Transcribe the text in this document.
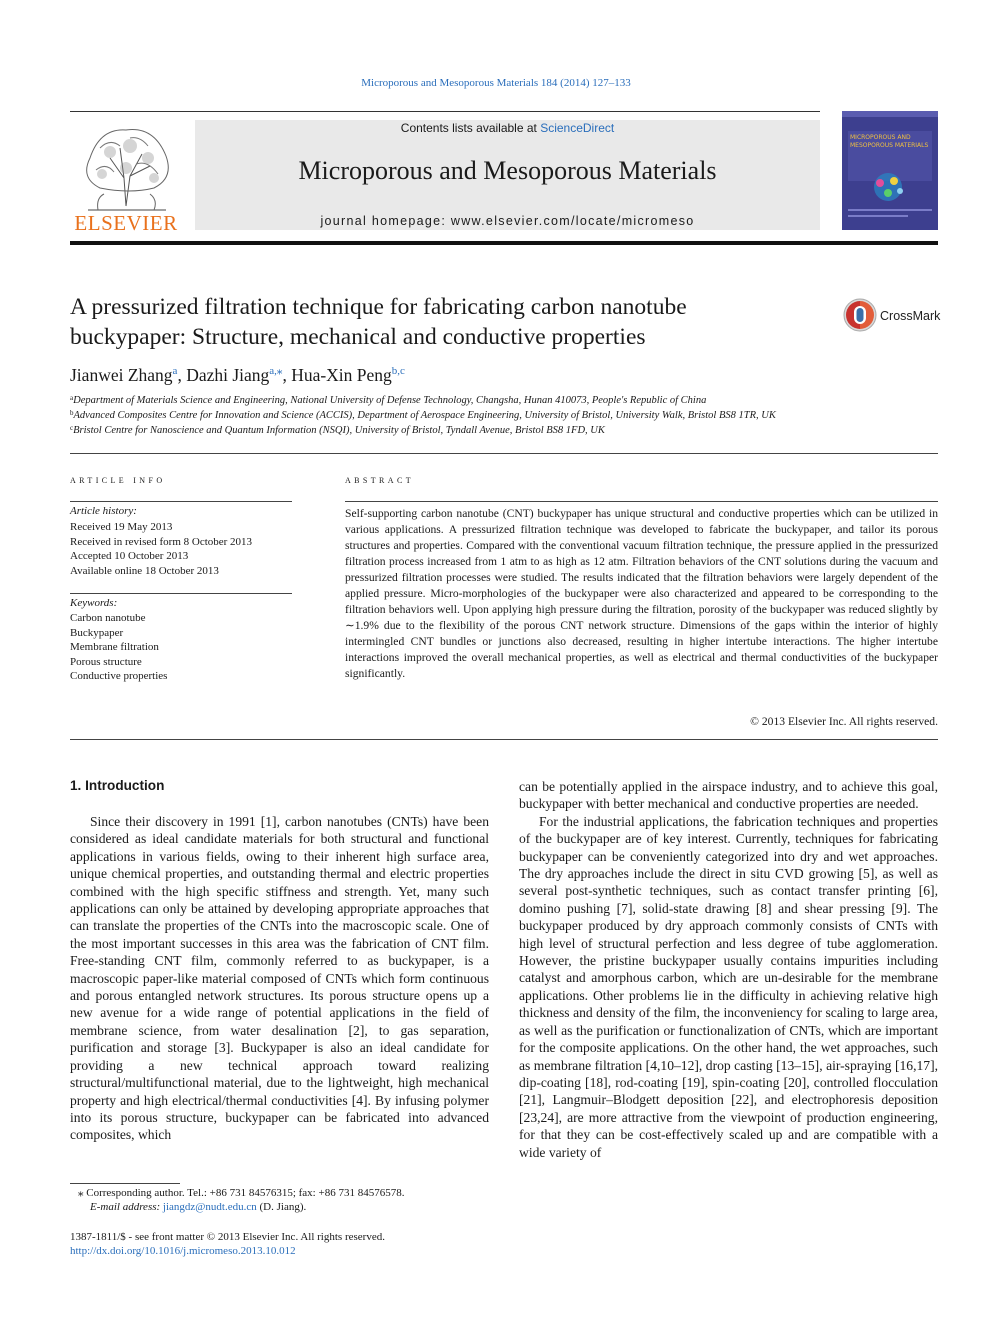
Microporous and Mesoporous Materials 184 (2014) 127–133
ELSEVIER
Contents lists available at ScienceDirect
Microporous and Mesoporous Materials
journal homepage: www.elsevier.com/locate/micromeso
MICROPOROUS AND
MESOPOROUS MATERIALS
A pressurized filtration technique for fabricating carbon nanotube
buckypaper: Structure, mechanical and conductive properties
CrossMark
Jianwei Zhang$^a$, Dazhi Jiang$^{a,⁎}$, Hua-Xin Peng$^{b,c}$
$^a$Department of Materials Science and Engineering, National University of Defense Technology, Changsha, Hunan 410073, People's Republic of China
$^b$Advanced Composites Centre for Innovation and Science (ACCIS), Department of Aerospace Engineering, University of Bristol, University Walk, Bristol BS8 1TR, UK
$^c$Bristol Centre for Nanoscience and Quantum Information (NSQI), University of Bristol, Tyndall Avenue, Bristol BS8 1FD, UK
article info
Article history:
Received 19 May 2013
Received in revised form 8 October 2013
Accepted 10 October 2013
Available online 18 October 2013
Keywords:
Carbon nanotube
Buckypaper
Membrane filtration
Porous structure
Conductive properties
abstract
Self-supporting carbon nanotube (CNT) buckypaper has unique structural and conductive properties which can be utilized in various applications. A pressurized filtration technique was developed to fabricate the buckypaper, and tailor its porous structures and properties. Compared with the conventional vacuum filtration technique, the pressure applied in the pressurized filtration process increased from 1 atm to as high as 12 atm. Filtration behaviors of the CNT solutions during the vacuum and pressurized filtration processes were studied. The results indicated that the filtration behaviors were largely dependent of the applied pressure. Micro-morphologies of the buckypaper were also characterized and appeared to be corresponding to the filtration behaviors well. Upon applying high pressure during the filtration, porosity of the buckypaper was reduced slightly by ∼1.9% due to the flexibility of the porous CNT network structure. Dimensions of the gaps within the interior of highly intermingled CNT bundles or junctions also decreased, resulting in higher intertube interactions. The higher intertube interactions improved the overall mechanical properties, as well as electrical and thermal conductivities of the buckypaper significantly.
© 2013 Elsevier Inc. All rights reserved.
1. Introduction

Since their discovery in 1991 [1], carbon nanotubes (CNTs) have been considered as ideal candidate materials for both structural and functional applications in various fields, owing to their inherent high surface area, unique chemical properties, and outstanding thermal and electric properties combined with the high specific stiffness and strength. Yet, many such applications can only be attained by developing appropriate approaches that can translate the properties of the CNTs into the macroscopic scale. One of the most important successes in this area was the fabrication of CNT film. Free-standing CNT film, commonly referred to as buckypaper, is a macroscopic paper-like material composed of CNTs which form continuous and porous entangled network structures. Its porous structure opens up a new avenue for a wide range of potential applications in the field of membrane science, from water desalination [2], to gas separation, purification and storage [3]. Buckypaper is also an ideal candidate for providing a new technical approach toward realizing structural/multifunctional material, due to the lightweight, high mechanical property and high electrical/thermal conductivities [4]. By infusing polymer into its porous structure, buckypaper can be fabricated into advanced composites, which

can be potentially applied in the airspace industry, and to achieve this goal, buckypaper with better mechanical and conductive properties are needed.

For the industrial applications, the fabrication techniques and properties of the buckypaper are of key interest. Currently, techniques for fabricating buckypaper can be conveniently categorized into dry and wet approaches. The dry approaches include the direct in situ CVD growing [5], as well as several post-synthetic techniques, such as contact transfer printing [6], domino pushing [7], solid-state drawing [8] and shear pressing [9]. The buckypaper produced by dry approach commonly consists of CNTs with high level of structural perfection and less degree of tube agglomeration. However, the pristine buckypaper usually contains impurities including catalyst and amorphous carbon, which are un-desirable for the membrane applications. Other problems lie in the difficulty in achieving relative high thickness and density of the film, the inconveniency for scaling to large area, as well as the purification or functionalization of CNTs, which are important for the composite applications. On the other hand, the wet approaches, such as membrane filtration [4,10–12], drop casting [13–15], air-spraying [16,17], dip-coating [18], rod-coating [19], spin-coating [20], controlled flocculation [21], Langmuir–Blodgett deposition [22], and electrophoresis deposition [23,24], are more attractive from the viewpoint of production engineering, for that they can be cost-effectively scaled up and are compatible with a wide variety of

⁎ Corresponding author. Tel.: +86 731 84576315; fax: +86 731 84576578.
E-mail address: jiangdz@nudt.edu.cn (D. Jiang).
1387-1811/$ - see front matter © 2013 Elsevier Inc. All rights reserved.
http://dx.doi.org/10.1016/j.micromeso.2013.10.012
